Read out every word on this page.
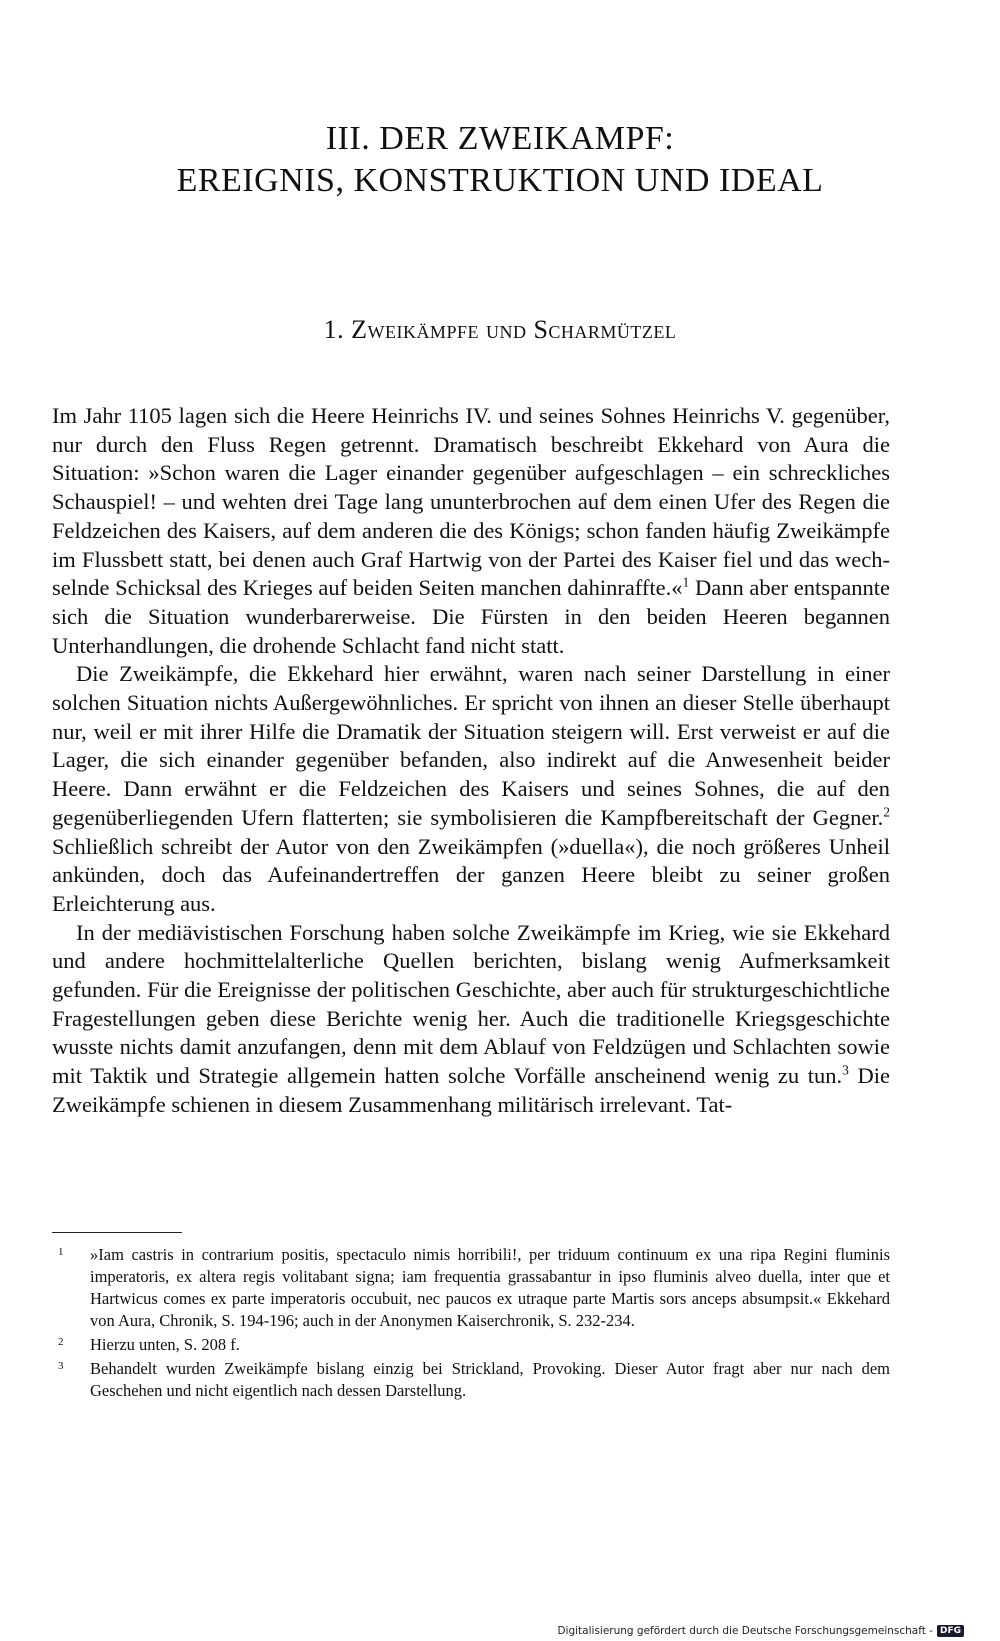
III. DER ZWEIKAMPF:
EREIGNIS, KONSTRUKTION UND IDEAL
1. Zweikämpfe und Scharmützel

Im Jahr 1105 lagen sich die Heere Heinrichs IV. und seines Sohnes Heinrichs V. gegenüber, nur durch den Fluss Regen getrennt. Dramatisch beschreibt Ekkehard von Aura die Situation: »Schon waren die Lager einander gegenüber aufgeschlagen – ein schreckliches Schauspiel! – und wehten drei Tage lang ununterbrochen auf dem einen Ufer des Regen die Feldzeichen des Kaisers, auf dem anderen die des Königs; schon fanden häufig Zweikämpfe im Flussbett statt, bei denen auch Graf Hartwig von der Partei des Kaiser fiel und das wechselnde Schicksal des Krieges auf beiden Seiten manchen dahinraffte.«$^1$ Dann aber entspannte sich die Situation wunderbarerweise. Die Fürsten in den beiden Heeren begannen Unterhandlungen, die drohende Schlacht fand nicht statt.

Die Zweikämpfe, die Ekkehard hier erwähnt, waren nach seiner Darstellung in einer solchen Situation nichts Außergewöhnliches. Er spricht von ihnen an dieser Stelle überhaupt nur, weil er mit ihrer Hilfe die Dramatik der Situation steigern will. Erst verweist er auf die Lager, die sich einander gegenüber befanden, also indirekt auf die Anwesenheit beider Heere. Dann erwähnt er die Feldzeichen des Kaisers und seines Sohnes, die auf den gegenüberliegenden Ufern flatterten; sie symbolisieren die Kampfbereitschaft der Gegner.$^2$ Schließlich schreibt der Autor von den Zweikämpfen (»duella«), die noch größeres Unheil ankünden, doch das Aufeinandertreffen der ganzen Heere bleibt zu seiner großen Erleichterung aus.

In der mediävistischen Forschung haben solche Zweikämpfe im Krieg, wie sie Ekkehard und andere hochmittelalterliche Quellen berichten, bislang wenig Aufmerksamkeit gefunden. Für die Ereignisse der politischen Geschichte, aber auch für strukturgeschichtliche Fragestellungen geben diese Berichte wenig her. Auch die traditionelle Kriegsgeschichte wusste nichts damit anzufangen, denn mit dem Ablauf von Feldzügen und Schlachten sowie mit Taktik und Strategie allgemein hatten solche Vorfälle anscheinend wenig zu tun.$^3$ Die Zweikämpfe schienen in diesem Zusammenhang militärisch irrelevant. Tat-

1 »Iam castris in contrarium positis, spectaculo nimis horribili!, per triduum continuum ex una ripa Regini fluminis imperatoris, ex altera regis volitabant signa; iam frequentia grassabantur in ipso fluminis alveo duella, inter que et Hartwicus comes ex parte imperatoris occubuit, nec paucos ex utraque parte Martis sors anceps absumpsit.« Ekkehard von Aura, Chronik, S. 194-196; auch in der Anonymen Kaiserchronik, S. 232-234.
2 Hierzu unten, S. 208 f.
3 Behandelt wurden Zweikämpfe bislang einzig bei Strickland, Provoking. Dieser Autor fragt aber nur nach dem Geschehen und nicht eigentlich nach dessen Darstellung.
Digitalisierung gefördert durch die Deutsche Forschungsgemeinschaft - DFG
